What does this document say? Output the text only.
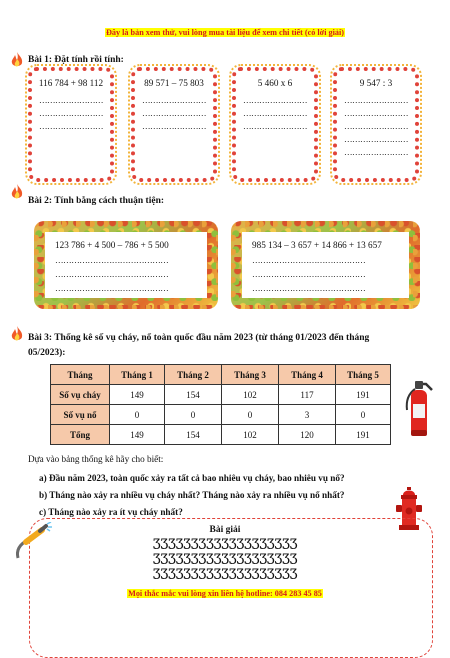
Đây là bản xem thử, vui lòng mua tài liệu để xem chi tiết (có lời giải)
Bài 1: Đặt tính rồi tính:
116 784 + 98 112
……………………
……………………
……………………
89 571 – 75 803
……………………
……………………
……………………
5 460 x 6
……………………
……………………
……………………
9 547 : 3
……………………
……………………
……………………
……………………
……………………
Bài 2: Tính bằng cách thuận tiện:
123 786 + 4 500 – 786 + 5 500
……………………………………
……………………………………
……………………………………
985 134 – 3 657 + 14 866 + 13 657
……………………………………
……………………………………
……………………………………
Bài 3: Thống kê số vụ cháy, nổ toàn quốc đầu năm 2023 (từ tháng 01/2023 đến tháng
05/2023):
Tháng	Tháng 1	Tháng 2	Tháng 3	Tháng 4	Tháng 5
Số vụ cháy	149	154	102	117	191
Số vụ nổ	0	0	0	3	0
Tổng	149	154	102	120	191
Dựa vào bảng thống kê hãy cho biết:
a) Đầu năm 2023, toàn quốc xảy ra tất cả bao nhiêu vụ cháy, bao nhiêu vụ nổ?
b) Tháng nào xảy ra nhiều vụ cháy nhất? Tháng nào xảy ra nhiều vụ nổ nhất?
c) Tháng nào xảy ra ít vụ cháy nhất?
Bài giải
ƷƷƷƷƷƷƷƷƷƷƷƷƷƷƷƷƷƷƷ
ƷƷƷƷƷƷƷƷƷƷƷƷƷƷƷƷƷƷƷ
ƷƷƷƷƷƷƷƷƷƷƷƷƷƷƷƷƷƷƷ
Mọi thắc mắc vui lòng xin liên hệ hotline: 084 283 45 85
